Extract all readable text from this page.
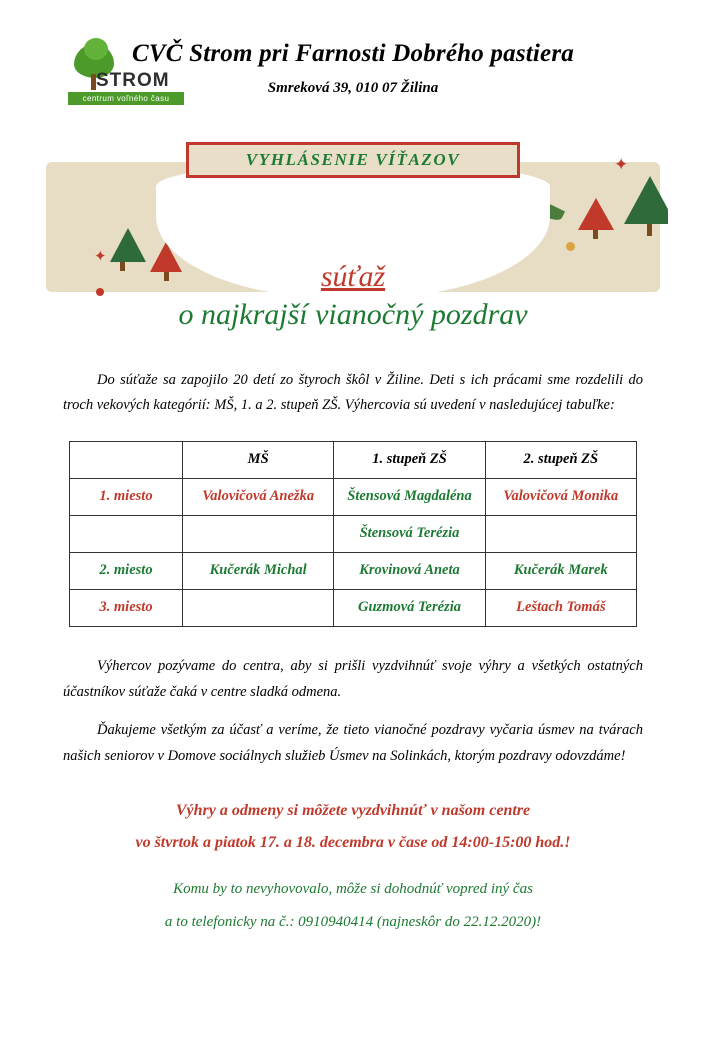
STROM
centrum voľného času
CVČ Strom pri Farnosti Dobrého pastiera
Smreková 39, 010 07 Žilina
✦
✦
VYHLÁSENIE VÍŤAZOV
súťaž
o najkrajší vianočný pozdrav
Do súťaže sa zapojilo 20 detí zo štyroch škôl v Žiline. Deti s ich prácami sme rozdelili do troch vekových kategórií: MŠ, 1. a 2. stupeň ZŠ. Výhercovia sú uvedení v nasledujúcej tabuľke:
	MŠ	1. stupeň ZŠ	2. stupeň ZŠ
1. miesto	Valovičová Anežka	Štensová Magdaléna	Valovičová Monika
		Štensová Terézia	
2. miesto	Kučerák Michal	Krovinová Aneta	Kučerák Marek
3. miesto		Guzmová Terézia	Leštach Tomáš
Výhercov pozývame do centra, aby si prišli vyzdvihnúť svoje výhry a všetkých ostatných účastníkov súťaže čaká v centre sladká odmena.
Ďakujeme všetkým za účasť a veríme, že tieto vianočné pozdravy vyčaria úsmev na tvárach našich seniorov v Domove sociálnych služieb Úsmev na Solinkách, ktorým pozdravy odovzdáme!
Výhry a odmeny si môžete vyzdvihnúť v našom centre
vo štvrtok a piatok 17. a 18. decembra v čase od 14:00-15:00 hod.!
Komu by to nevyhovovalo, môže si dohodnúť vopred iný čas
a to telefonicky na č.: 0910940414 (najneskôr do 22.12.2020)!
